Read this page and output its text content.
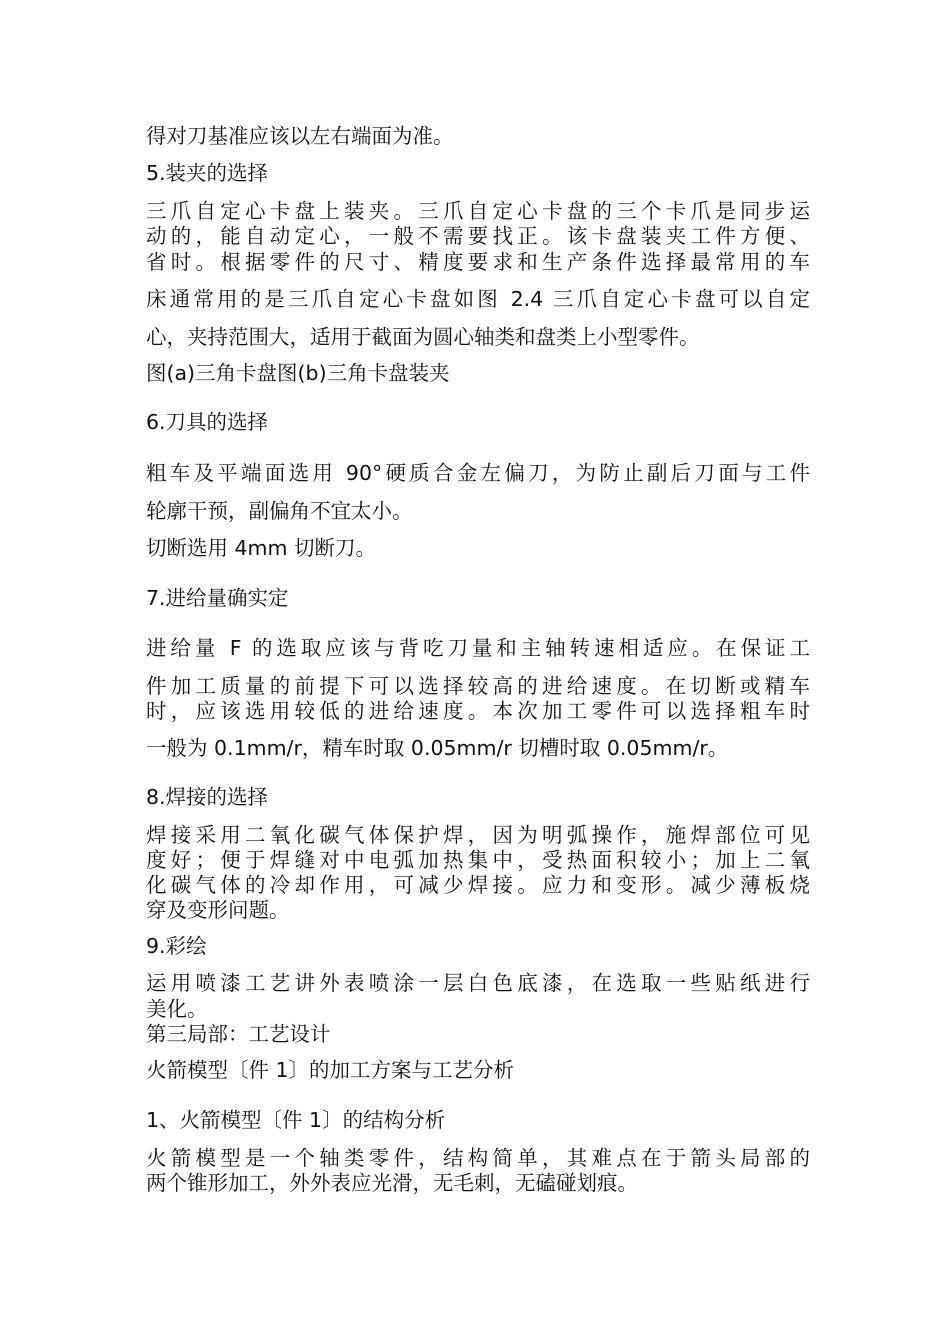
得对刀基准应该以左右端面为准。
5.装夹的选择
三爪自定心卡盘上装夹。三爪自定心卡盘的三个卡爪是同步运
动的，能自动定心，一般不需要找正。该卡盘装夹工件方便、
省时。根据零件的尺寸、精度要求和生产条件选择最常用的车
床通常用的是三爪自定心卡盘如图 2.4 三爪自定心卡盘可以自定
心，夹持范围大，适用于截面为圆心轴类和盘类上小型零件。
图(a)三角卡盘图(b)三角卡盘装夹
6.刀具的选择
粗车及平端面选用 90°硬质合金左偏刀，为防止副后刀面与工件
轮廓干预，副偏角不宜太小。
切断选用 4mm 切断刀。
7.进给量确实定
进给量 F 的选取应该与背吃刀量和主轴转速相适应。在保证工
件加工质量的前提下可以选择较高的进给速度。在切断或精车
时，应该选用较低的进给速度。本次加工零件可以选择粗车时
一般为 0.1mm/r，精车时取 0.05mm/r 切槽时取 0.05mm/r。
8.焊接的选择
焊接采用二氧化碳气体保护焊，因为明弧操作，施焊部位可见
度好；便于焊缝对中电弧加热集中，受热面积较小；加上二氧
化碳气体的冷却作用，可减少焊接。应力和变形。减少薄板烧
穿及变形问题。
9.彩绘
运用喷漆工艺讲外表喷涂一层白色底漆，在选取一些贴纸进行
美化。
第三局部：工艺设计
火箭模型〔件 1〕的加工方案与工艺分析
1、火箭模型〔件 1〕的结构分析
火箭模型是一个轴类零件，结构简单，其难点在于箭头局部的
两个锥形加工，外外表应光滑，无毛刺，无磕碰划痕。
